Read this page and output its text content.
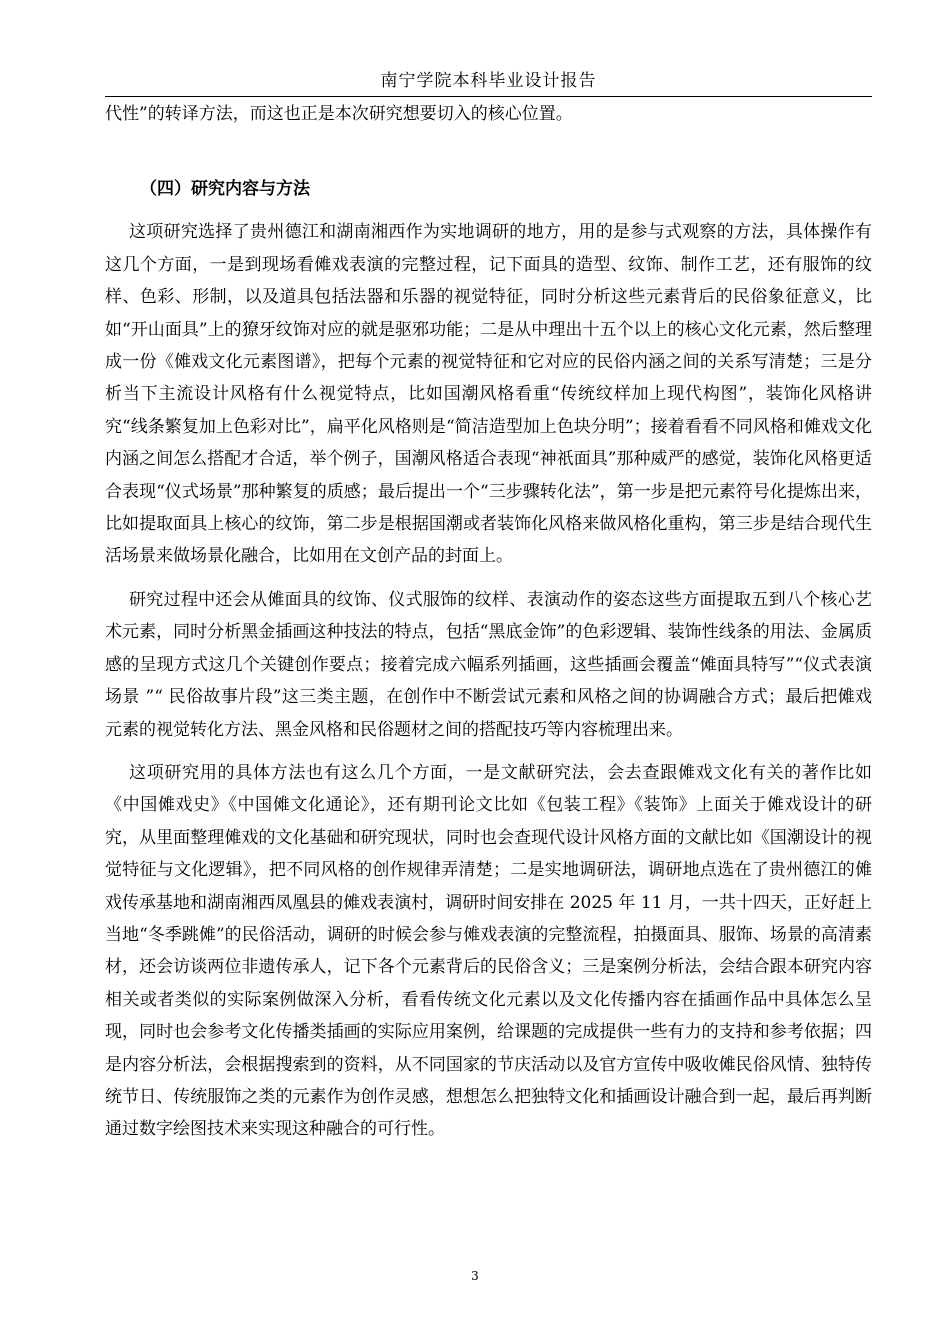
南宁学院本科毕业设计报告

代性”的转译方法，而这也正是本次研究想要切入的核心位置。

（四）研究内容与方法

这项研究选择了贵州德江和湖南湘西作为实地调研的地方，用的是参与式观察的方法，具体操作有这几个方面，一是到现场看傩戏表演的完整过程，记下面具的造型、纹饰、制作工艺，还有服饰的纹样、色彩、形制，以及道具包括法器和乐器的视觉特征，同时分析这些元素背后的民俗象征意义，比如“开山面具”上的獠牙纹饰对应的就是驱邪功能；二是从中理出十五个以上的核心文化元素，然后整理成一份《傩戏文化元素图谱》，把每个元素的视觉特征和它对应的民俗内涵之间的关系写清楚；三是分析当下主流设计风格有什么视觉特点，比如国潮风格看重“传统纹样加上现代构图”，装饰化风格讲究“线条繁复加上色彩对比”，扁平化风格则是“简洁造型加上色块分明”；接着看看不同风格和傩戏文化内涵之间怎么搭配才合适，举个例子，国潮风格适合表现“神祇面具”那种威严的感觉，装饰化风格更适合表现“仪式场景”那种繁复的质感；最后提出一个“三步骤转化法”，第一步是把元素符号化提炼出来，比如提取面具上核心的纹饰，第二步是根据国潮或者装饰化风格来做风格化重构，第三步是结合现代生活场景来做场景化融合，比如用在文创产品的封面上。

研究过程中还会从傩面具的纹饰、仪式服饰的纹样、表演动作的姿态这些方面提取五到八个核心艺术元素，同时分析黑金插画这种技法的特点，包括“黑底金饰”的色彩逻辑、装饰性线条的用法、金属质感的呈现方式这几个关键创作要点；接着完成六幅系列插画，这些插画会覆盖“傩面具特写”“仪式表演场景 ”“ 民俗故事片段”这三类主题，在创作中不断尝试元素和风格之间的协调融合方式；最后把傩戏元素的视觉转化方法、黑金风格和民俗题材之间的搭配技巧等内容梳理出来。

这项研究用的具体方法也有这么几个方面，一是文献研究法，会去查跟傩戏文化有关的著作比如《中国傩戏史》《中国傩文化通论》，还有期刊论文比如《包装工程》《装饰》上面关于傩戏设计的研究，从里面整理傩戏的文化基础和研究现状，同时也会查现代设计风格方面的文献比如《国潮设计的视觉特征与文化逻辑》，把不同风格的创作规律弄清楚；二是实地调研法，调研地点选在了贵州德江的傩戏传承基地和湖南湘西凤凰县的傩戏表演村，调研时间安排在 2025 年 11 月，一共十四天，正好赶上当地“冬季跳傩”的民俗活动，调研的时候会参与傩戏表演的完整流程，拍摄面具、服饰、场景的高清素材，还会访谈两位非遗传承人，记下各个元素背后的民俗含义；三是案例分析法，会结合跟本研究内容相关或者类似的实际案例做深入分析，看看传统文化元素以及文化传播内容在插画作品中具体怎么呈现，同时也会参考文化传播类插画的实际应用案例，给课题的完成提供一些有力的支持和参考依据；四是内容分析法，会根据搜索到的资料，从不同国家的节庆活动以及官方宣传中吸收傩民俗风情、独特传统节日、传统服饰之类的元素作为创作灵感，想想怎么把独特文化和插画设计融合到一起，最后再判断通过数字绘图技术来实现这种融合的可行性。

3
